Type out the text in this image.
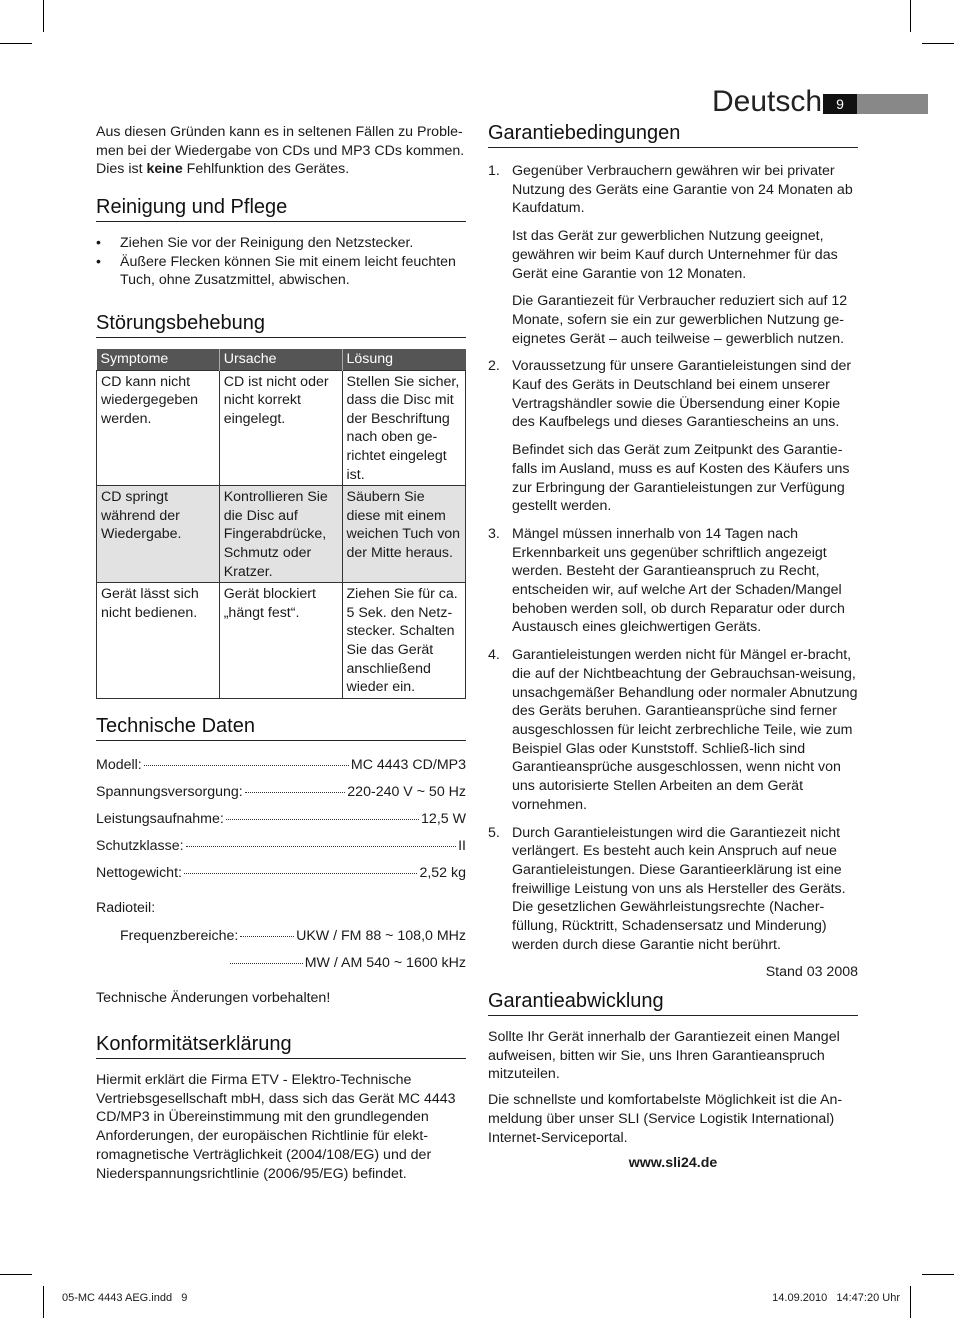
Deutsch	9
Aus diesen Gründen kann es in seltenen Fällen zu Proble-
men bei der Wiedergabe von CDs und MP3 CDs kommen.
Dies ist keine Fehlfunktion des Gerätes.
Reinigung und Pflege
• Ziehen Sie vor der Reinigung den Netzstecker.
• Äußere Flecken können Sie mit einem leicht feuchten Tuch, ohne Zusatzmittel, abwischen.
Störungsbehebung
Symptome	Ursache	Lösung
CD kann nicht wiedergegeben werden.	CD ist nicht oder nicht korrekt eingelegt.	Stellen Sie sicher, dass die Disc mit der Beschriftung nach oben ge-richtet eingelegt ist.
CD springt während der Wiedergabe.	Kontrollieren Sie die Disc auf Fingerabdrücke, Schmutz oder Kratzer.	Säubern Sie diese mit einem weichen Tuch von der Mitte heraus.
Gerät lässt sich nicht bedienen.	Gerät blockiert „hängt fest“.	Ziehen Sie für ca. 5 Sek. den Netz-stecker. Schalten Sie das Gerät anschließend wieder ein.
Technische Daten
Modell:	MC 4443 CD/MP3
Spannungsversorgung:	220-240 V ~ 50 Hz
Leistungsaufnahme:	12,5 W
Schutzklasse:	II
Nettogewicht:	2,52 kg
Radioteil:
Frequenzbereiche:	UKW / FM 88 ~ 108,0 MHz
MW / AM 540 ~ 1600 kHz
Technische Änderungen vorbehalten!
Konformitätserklärung

Hiermit erklärt die Firma ETV - Elektro-Technische Vertriebsgesellschaft mbH, dass sich das Gerät MC 4443 CD/MP3 in Übereinstimmung mit den grundlegenden Anforderungen, der europäischen Richtlinie für elekt-romagnetische Verträglichkeit (2004/108/EG) und der Niederspannungsrichtlinie (2006/95/EG) befindet.

Garantiebedingungen
1. Gegenüber Verbrauchern gewähren wir bei privater Nutzung des Geräts eine Garantie von 24 Monaten ab Kaufdatum.

Ist das Gerät zur gewerblichen Nutzung geeignet, gewähren wir beim Kauf durch Unternehmer für das Gerät eine Garantie von 12 Monaten.

Die Garantiezeit für Verbraucher reduziert sich auf 12 Monate, sofern sie ein zur gewerblichen Nutzung ge-eignetes Gerät – auch teilweise – gewerblich nutzen.

2. Voraussetzung für unsere Garantieleistungen sind der Kauf des Geräts in Deutschland bei einem unserer Vertragshändler sowie die Übersendung einer Kopie des Kaufbelegs und dieses Garantiescheins an uns.

Befindet sich das Gerät zum Zeitpunkt des Garantie-falls im Ausland, muss es auf Kosten des Käufers uns zur Erbringung der Garantieleistungen zur Verfügung gestellt werden.

3. Mängel müssen innerhalb von 14 Tagen nach Erkennbarkeit uns gegenüber schriftlich angezeigt werden. Besteht der Garantieanspruch zu Recht, entscheiden wir, auf welche Art der Schaden/Mangel behoben werden soll, ob durch Reparatur oder durch Austausch eines gleichwertigen Geräts.

4. Garantieleistungen werden nicht für Mängel er-bracht, die auf der Nichtbeachtung der Gebrauchsan-weisung, unsachgemäßer Behandlung oder normaler Abnutzung des Geräts beruhen. Garantieansprüche sind ferner ausgeschlossen für leicht zerbrechliche Teile, wie zum Beispiel Glas oder Kunststoff. Schließ-lich sind Garantieansprüche ausgeschlossen, wenn nicht von uns autorisierte Stellen Arbeiten an dem Gerät vornehmen.

5. Durch Garantieleistungen wird die Garantiezeit nicht verlängert. Es besteht auch kein Anspruch auf neue Garantieleistungen. Diese Garantieerklärung ist eine freiwillige Leistung von uns als Hersteller des Geräts. Die gesetzlichen Gewährleistungsrechte (Nacher-füllung, Rücktritt, Schadensersatz und Minderung) werden durch diese Garantie nicht berührt.

Stand 03 2008
Garantieabwicklung

Sollte Ihr Gerät innerhalb der Garantiezeit einen Mangel aufweisen, bitten wir Sie, uns Ihren Garantieanspruch mitzuteilen.

Die schnellste und komfortabelste Möglichkeit ist die An-meldung über unser SLI (Service Logistik International) Internet-Serviceportal.

www.sli24.de

05-MC 4443 AEG.indd   9	14.09.2010   14:47:20 Uhr
